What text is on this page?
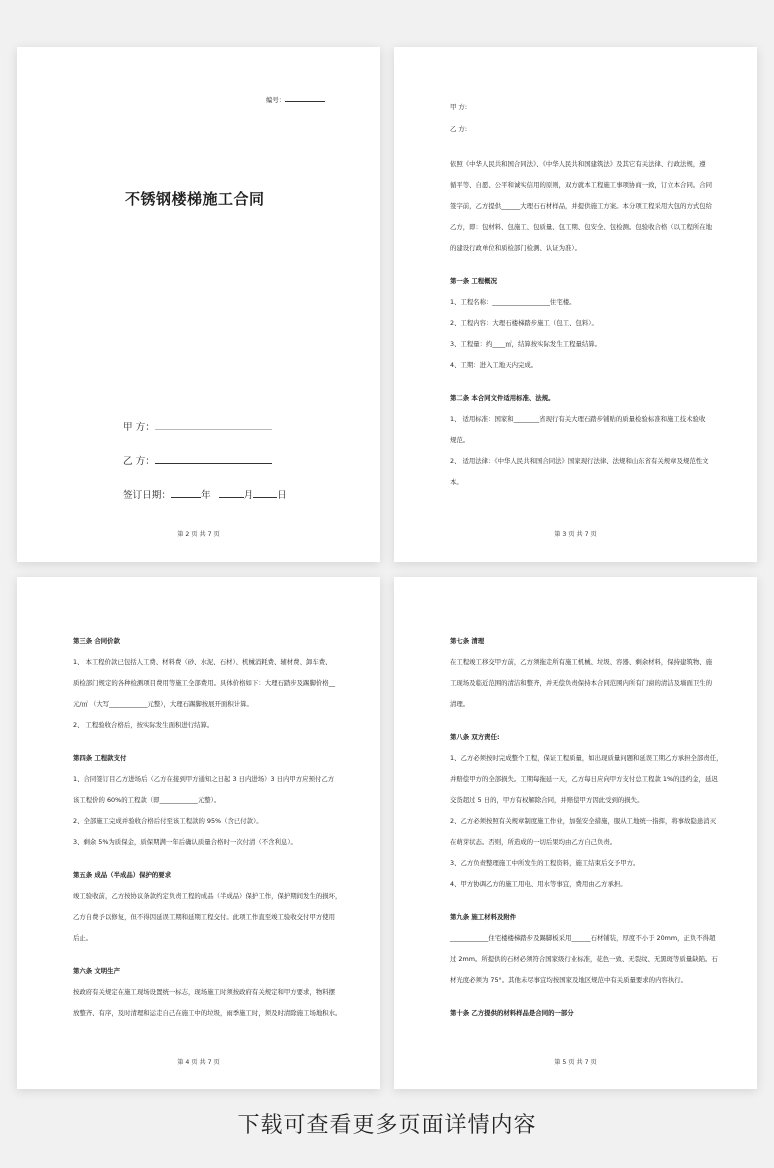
编号：
不锈钢楼梯施工合同
甲 方：
乙 方：
签订日期：	年	月	日
第 2 页 共 7 页
甲 方:
乙 方:

依照《中华人民共和国合同法》、《中华人民共和国建筑法》及其它有关法律、行政法规，遵

循平等、自愿、公平和诚实信用的原则，双方就本工程施工事项协商一致，订立本合同。合同

签字前，乙方提供______大理石石材样品，并提供施工方案。本分项工程采用大包的方式包给

乙方，即：包材料、包施工、包质量、包工期、包安全、包检测。包验收合格（以工程所在地

的建设行政单位和质检部门检测、认证为准）。

第一条 工程概况

1、工程名称：__________________住宅楼。

2、工程内容：大理石楼梯踏步施工（包工、包料）。

3、工程量：约____㎡，结算按实际发生工程量结算。

4、工期：进入工地天内完成。

第二条 本合同文件适用标准、法规。

1、 适用标准：国家和________省现行有关大理石踏步铺贴的质量检验标准和施工技术验收

规范。

2、 适用法律：《中华人民共和国合同法》国家现行法律、法规和山东省有关规章及规范性文

本。

第 3 页 共 7 页

第三条 合同价款

1、 本工程价款已包括人工费、材料费（砂、水泥、石材）、机械消耗费、辅材费、卸车费、

质检部门规定的各种检测项目费用等施工全部费用。具体价格如下：大理石踏步及踢脚价格__

元/㎡ （大写____________元整），大理石踢脚按展开面积计算。

2、 工程验收合格后，按实际发生面积进行结算。

第四条 工程款支付

1、合同签订目乙方进场后（乙方在接到甲方通知之日起 3 日内进场）3 日内甲方应预付乙方

该工程价的 60%的工程款（即____________元整）。

2、全部施工完成并验收合格后付至该工程款的 95%（含已付款）。

3、剩余 5%为质保金，质保期满一年后确认质量合格时一次付清（不含利息）。

第五条 成品（半成品）保护的要求

竣工验收前，乙方按协议条款约定负责工程的成品（半成品）保护工作，保护期间发生的损坏，

乙方自费予以修复，但不得因延误工期和延期工程交付。此项工作直至竣工验收交付甲方使用

后止。

第六条 文明生产

按政府有关规定在施工现场设置统一标志，现场施工时须按政府有关规定和甲方要求，物料摆

放整齐、有序，及时清理和运走自己在施工中的垃圾，雨季施工时，须及时清除施工场地积水。

第 4 页 共 7 页

第七条 清理

在工程竣工移交甲方前，乙方须拖走所有施工机械、垃圾、容器、剩余材料，保持建筑物、施

工现场及临近范围的清洁和整齐，并无偿负责保持本合同范围内所有门窗的清洁及墙面卫生的

清理。

第八条 双方责任:

1、乙方必须按时完成整个工程，保证工程质量，如出现质量问题和延误工期乙方承担全部责任，

并赔偿甲方的全部损失。工期每拖延一天，乙方每日应向甲方支付总工程款 1%的违约金，延迟

交货超过 5 日的，甲方有权解除合同，并赔偿甲方因此受到的损失。

2、乙方必须按照有关规章制度施工作业，加强安全措施，服从工地统一指挥，将事故隐患消灭

在萌芽状态。否则，所造成的一切后果均由乙方自己负责。

3、乙方负责整理施工中所发生的工程资料，施工结束后交予甲方。

4、甲方协调乙方的施工用电、用水等事宜，费用由乙方承担。

第九条 施工材料及附件

____________住宅楼楼梯踏步及踢脚板采用______石材铺装，厚度不小于 20mm，正负不得超

过 2mm。所提供的石材必须符合国家级行业标准，花色一致、无裂纹、无黑斑等质量缺陷。石

材光度必须为 75°。其他未尽事宜均按国家及地区规范中有关质量要求的内容执行。

第十条 乙方提供的材料样品是合同的一部分

第 5 页 共 7 页
下载可查看更多页面详情内容
